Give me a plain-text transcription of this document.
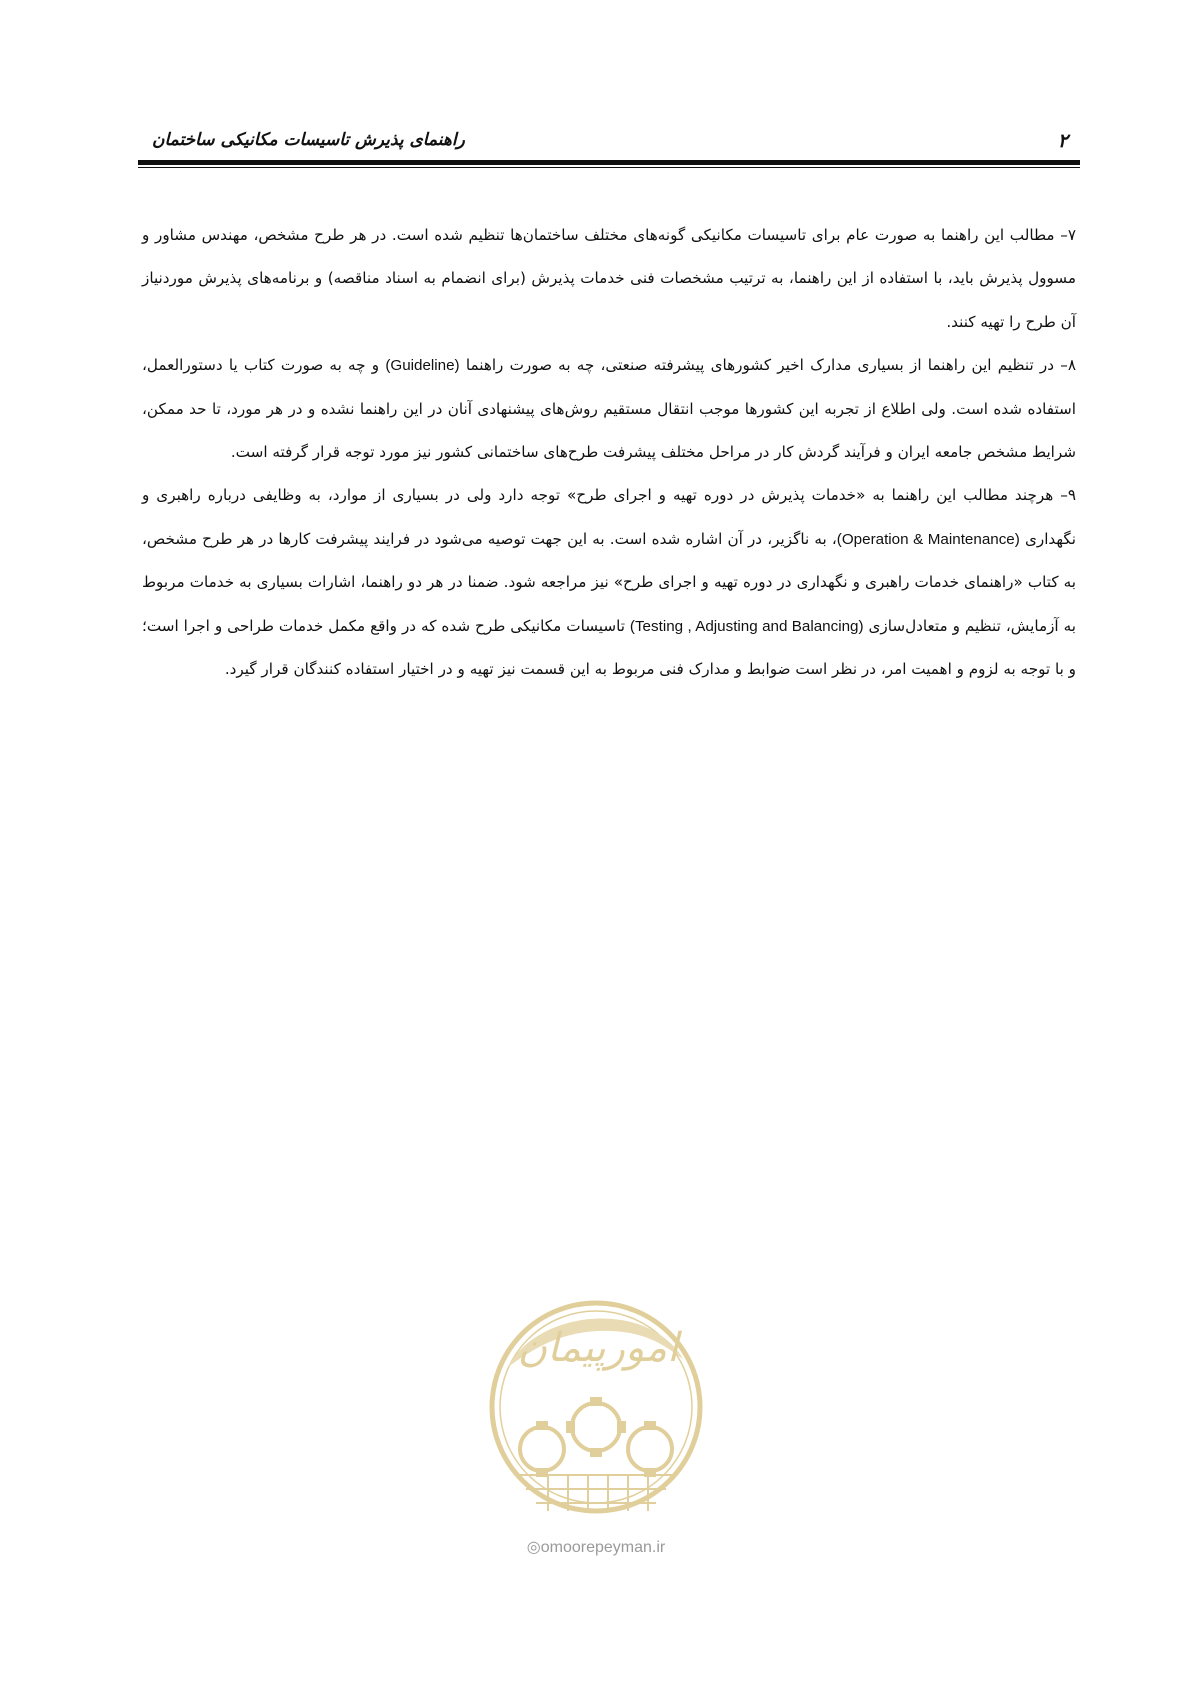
۲
راهنمای پذیرش تاسیسات مکانیکی ساختمان

۷– مطالب این راهنما به صورت عام برای تاسیسات مکانیکی گونه‌های مختلف ساختمان‌ها تنظیم شده است. در هر طرح مشخص، مهندس مشاور و مسوول پذیرش باید، با استفاده از این راهنما، به ترتیب مشخصات فنی خدمات پذیرش (برای انضمام به اسناد مناقصه) و برنامه‌های پذیرش موردنیاز آن طرح را تهیه کنند.

۸– در تنظیم این راهنما از بسیاری مدارک اخیر کشورهای پیشرفته صنعتی، چه به صورت راهنما (Guideline) و چه به صورت کتاب یا دستورالعمل، استفاده شده است. ولی اطلاع از تجربه این کشورها موجب انتقال مستقیم روش‌های پیشنهادی آنان در این راهنما نشده و در هر مورد، تا حد ممکن، شرایط مشخص جامعه ایران و فرآیند گردش کار در مراحل مختلف پیشرفت طرح‌های ساختمانی کشور نیز مورد توجه قرار گرفته است.

۹– هرچند مطالب این راهنما به «خدمات پذیرش در دوره تهیه و اجرای طرح» توجه دارد ولی در بسیاری از موارد، به وظایفی درباره راهبری و نگهداری (Operation & Maintenance)، به ناگزیر، در آن اشاره شده است. به این جهت توصیه می‌شود در فرایند پیشرفت کارها در هر طرح مشخص، به کتاب «راهنمای خدمات راهبری و نگهداری در دوره تهیه و اجرای طرح» نیز مراجعه شود. ضمنا در هر دو راهنما، اشارات بسیاری به خدمات مربوط به آزمایش، تنظیم و متعادل‌سازی (Testing , Adjusting and Balancing) تاسیسات مکانیکی طرح شده که در واقع مکمل خدمات طراحی و اجرا است؛ و با توجه به لزوم و اهمیت امر، در نظر است ضوابط و مدارک فنی مربوط به این قسمت نیز تهیه و در اختیار استفاده کنندگان قرار گیرد.

امورپیمان
◎omoorepeyman.ir
